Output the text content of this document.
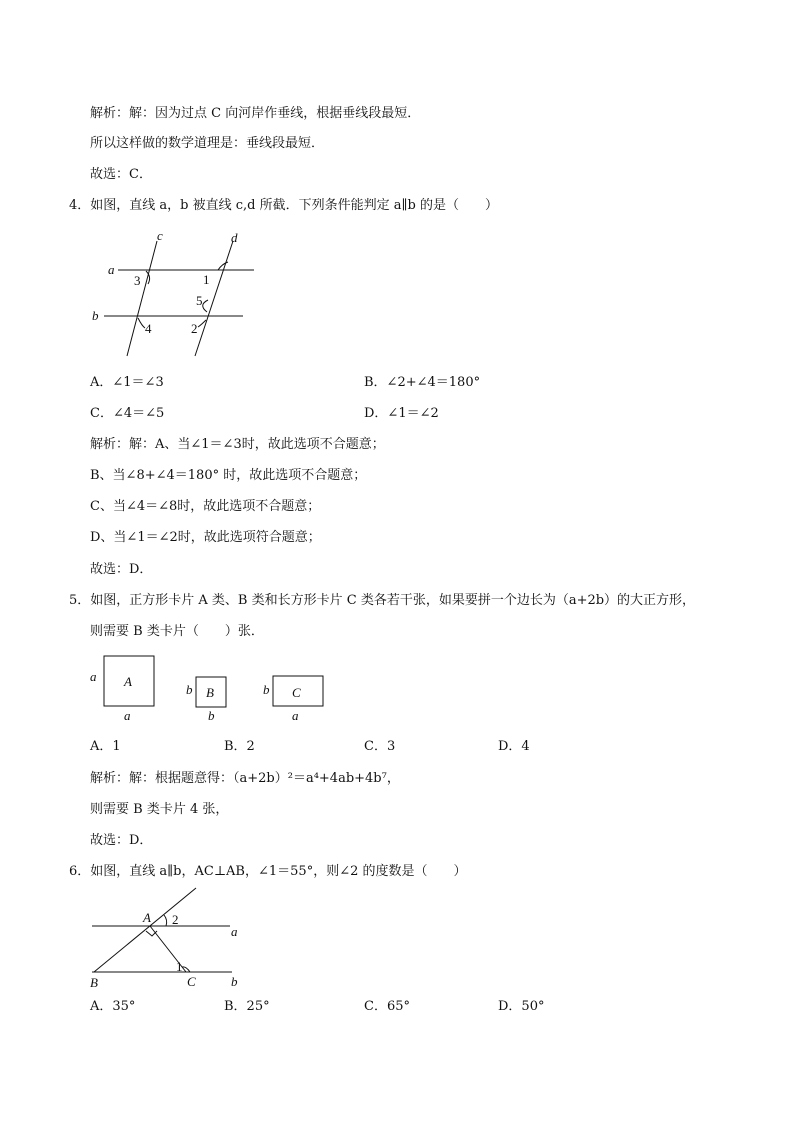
解析：解：因为过点 C 向河岸作垂线，根据垂线段最短．
所以这样做的数学道理是：垂线段最短．
故选：C．
4．如图，直线 a，b 被直线 c,d 所截．下列条件能判定 a∥b 的是（　　）
c	d
a
b
1
3
5
2
4
A．∠1＝∠3	B．∠2+∠4＝180°
C．∠4＝∠5	D．∠1＝∠2
解析：解：A、当∠1＝∠3时，故此选项不合题意；
B、当∠8+∠4＝180° 时，故此选项不合题意；
C、当∠4＝∠8时，故此选项不合题意；
D、当∠1＝∠2时，故此选项符合题意；
故选：D．
5．如图，正方形卡片 A 类、B 类和长方形卡片 C 类各若干张，如果要拼一个边长为（a+2b）的大正方形，
则需要 B 类卡片（　　）张．
A
B	C
a
a
b
b
b
a
A．1	B．2	C．3	D．4
解析：解：根据题意得：（a+2b）²＝a⁴+4ab+4b⁷，
则需要 B 类卡片 4 张，
故选：D．
6．如图，直线 a∥b，AC⊥AB，∠1＝55°，则∠2 的度数是（　　）
A 2
a
1
b
B	C
A．35°	B．25°	C．65°	D．50°
